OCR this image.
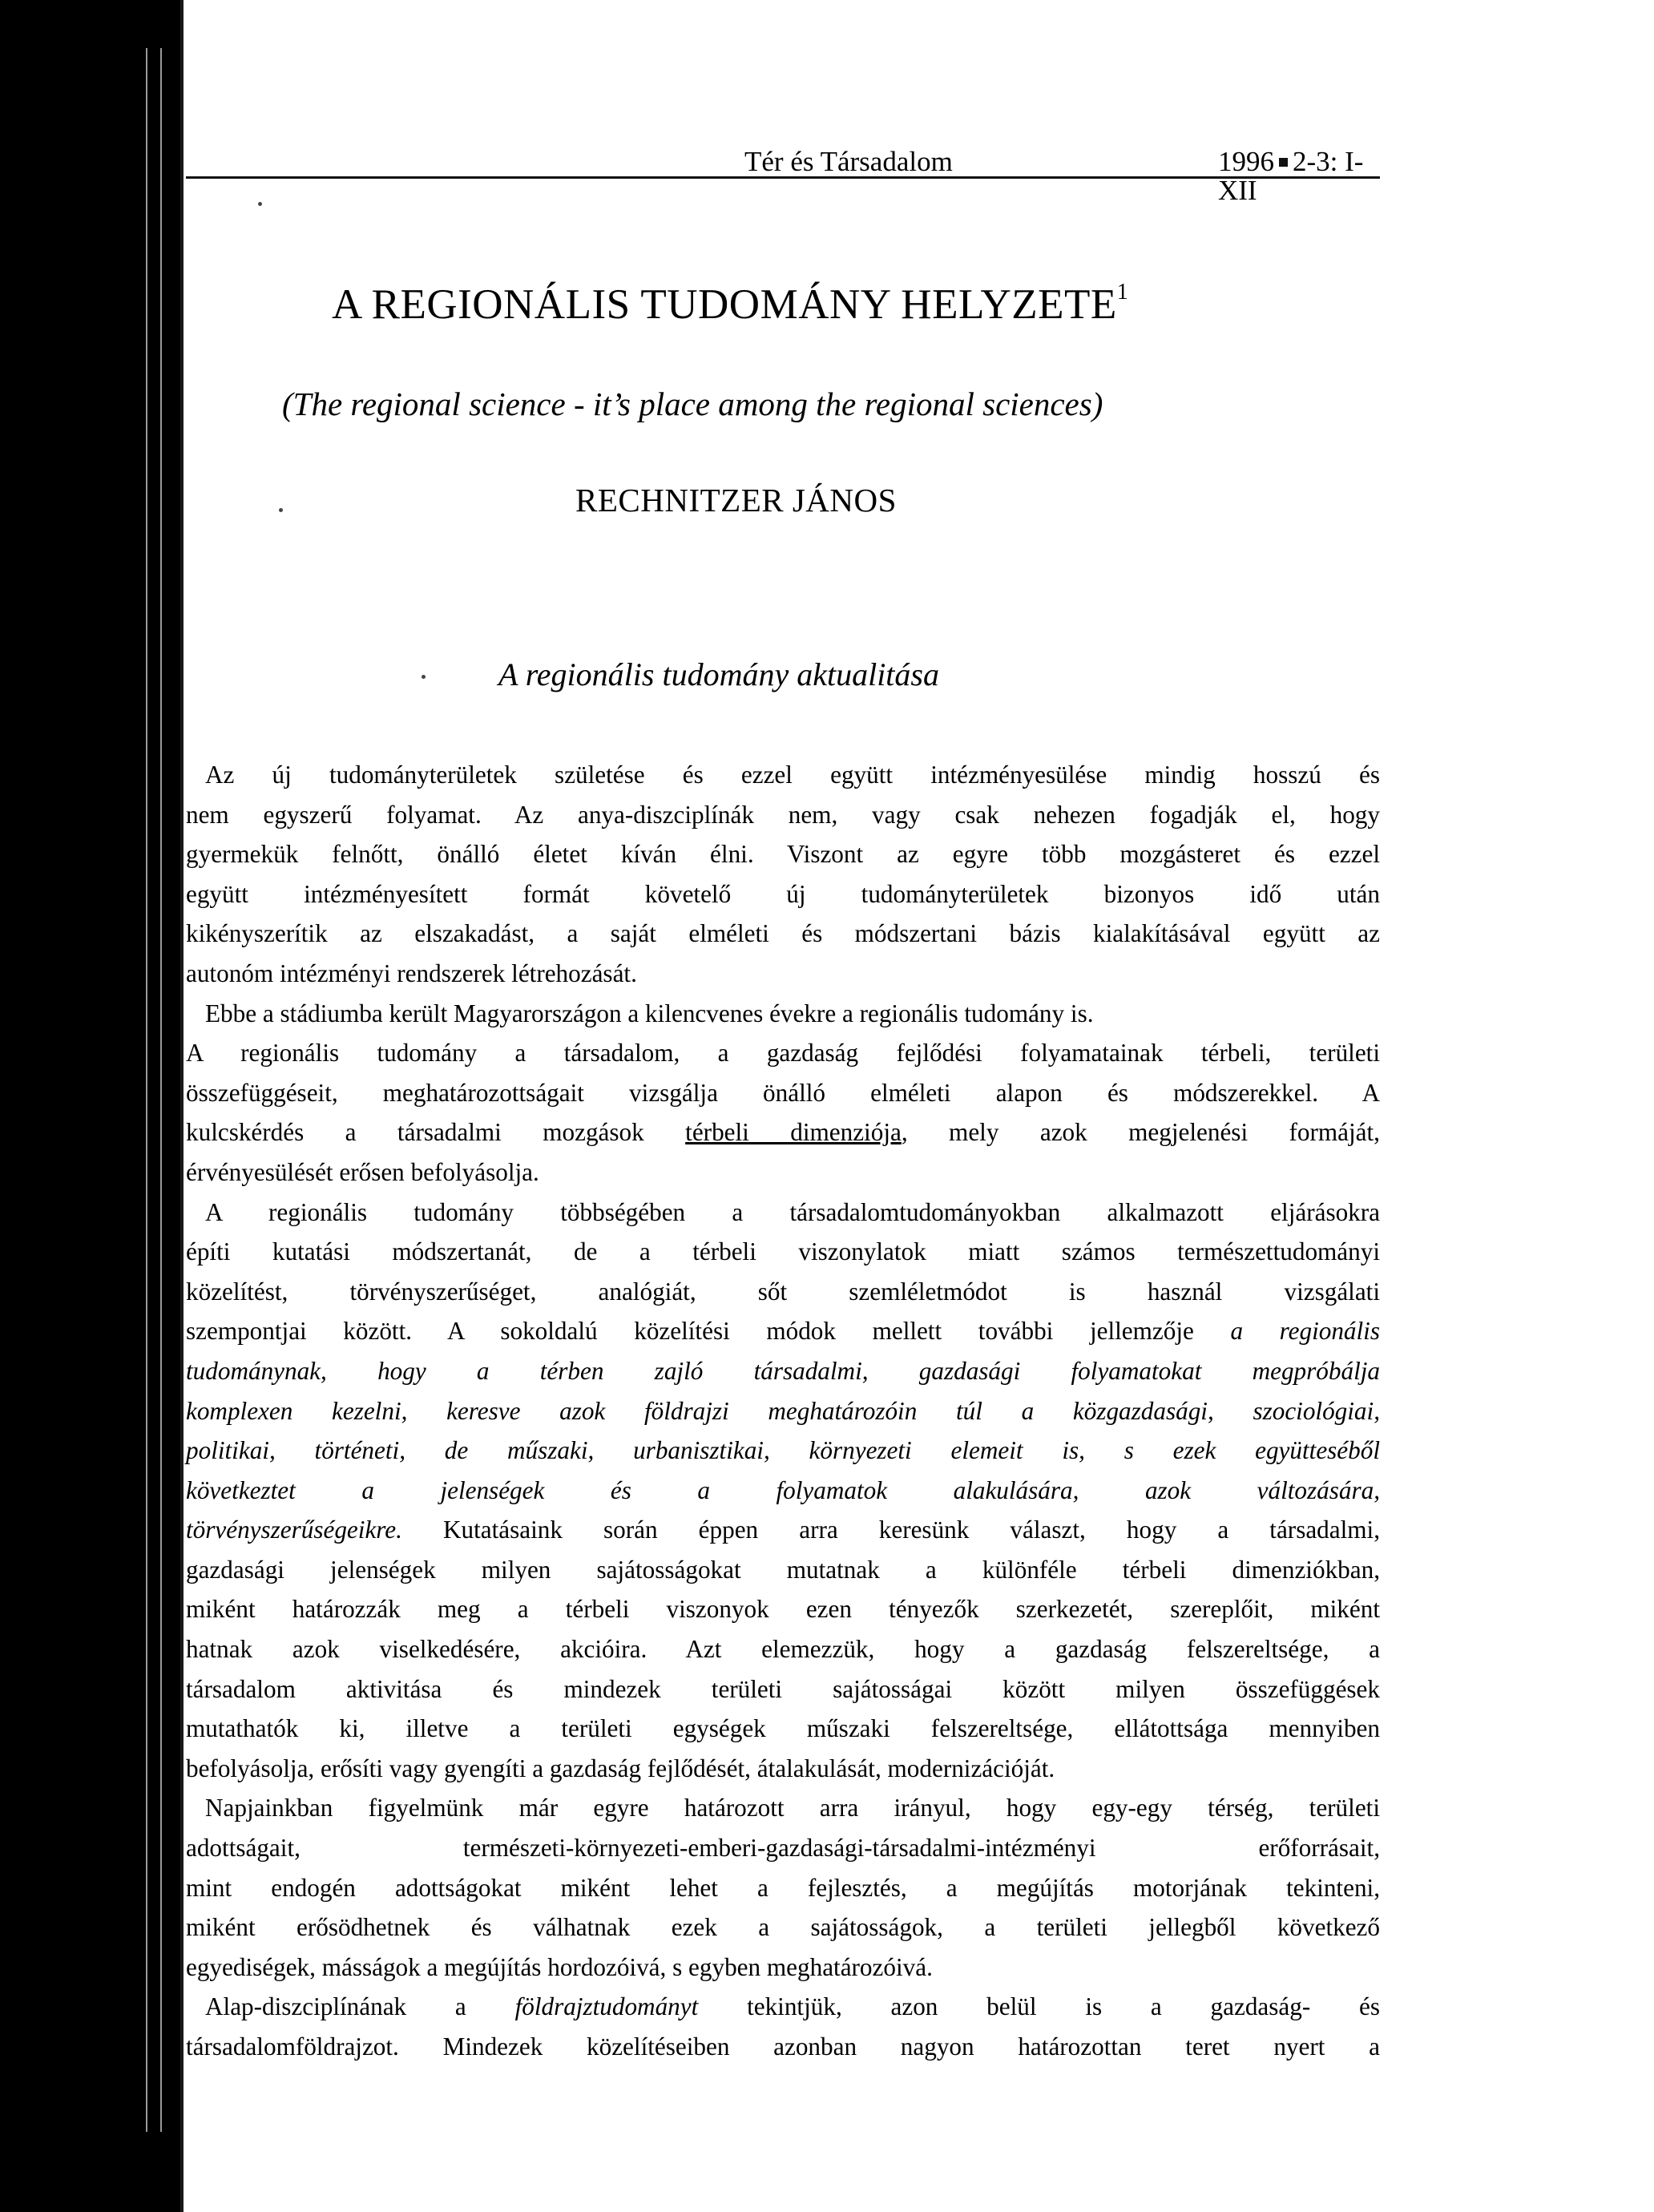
Tér és Társadalom	1996 2-3: I-XII
A REGIONÁLIS TUDOMÁNY HELYZETE$^1$
(The regional science - it’s place among the regional sciences)
RECHNITZER JÁNOS
A regionális tudomány aktualitása

Az új tudományterületek születése és ezzel együtt intézményesülése mindig hosszú és

nem egyszerű folyamat. Az anya-diszciplínák nem, vagy csak nehezen fogadják el, hogy

gyermekük felnőtt, önálló életet kíván élni. Viszont az egyre több mozgásteret és ezzel

együtt intézményesített formát követelő új tudományterületek bizonyos idő után

kikényszerítik az elszakadást, a saját elméleti és módszertani bázis kialakításával együtt az

autonóm intézményi rendszerek létrehozását.

Ebbe a stádiumba került Magyarországon a kilencvenes évekre a regionális tudomány is.

A regionális tudomány a társadalom, a gazdaság fejlődési folyamatainak térbeli, területi

összefüggéseit, meghatározottságait vizsgálja önálló elméleti alapon és módszerekkel. A

kulcskérdés a társadalmi mozgások térbeli dimenziója, mely azok megjelenési formáját,

érvényesülését erősen befolyásolja.

A regionális tudomány többségében a társadalomtudományokban alkalmazott eljárásokra

építi kutatási módszertanát, de a térbeli viszonylatok miatt számos természettudományi

közelítést, törvényszerűséget, analógiát, sőt szemléletmódot is használ vizsgálati

szempontjai között. A sokoldalú közelítési módok mellett további jellemzője a regionális

tudománynak, hogy a térben zajló társadalmi, gazdasági folyamatokat megpróbálja

komplexen kezelni, keresve azok földrajzi meghatározóin túl a közgazdasági, szociológiai,

politikai, történeti, de műszaki, urbanisztikai, környezeti elemeit is, s ezek együtteséből

következtet a jelenségek és a folyamatok alakulására, azok változására,

törvényszerűségeikre. Kutatásaink során éppen arra keresünk választ, hogy a társadalmi,

gazdasági jelenségek milyen sajátosságokat mutatnak a különféle térbeli dimenziókban,

miként határozzák meg a térbeli viszonyok ezen tényezők szerkezetét, szereplőit, miként

hatnak azok viselkedésére, akcióira. Azt elemezzük, hogy a gazdaság felszereltsége, a

társadalom aktivitása és mindezek területi sajátosságai között milyen összefüggések

mutathatók ki, illetve a területi egységek műszaki felszereltsége, ellátottsága mennyiben

befolyásolja, erősíti vagy gyengíti a gazdaság fejlődését, átalakulását, modernizációját.

Napjainkban figyelmünk már egyre határozott arra irányul, hogy egy-egy térség, területi

adottságait, természeti-környezeti-emberi-gazdasági-társadalmi-intézményi erőforrásait,

mint endogén adottságokat miként lehet a fejlesztés, a megújítás motorjának tekinteni,

miként erősödhetnek és válhatnak ezek a sajátosságok, a területi jellegből következő

egyediségek, másságok a megújítás hordozóivá, s egyben meghatározóivá.

Alap-diszciplínának a földrajztudományt tekintjük, azon belül is a gazdaság- és

társadalomföldrajzot. Mindezek közelítéseiben azonban nagyon határozottan teret nyert a
